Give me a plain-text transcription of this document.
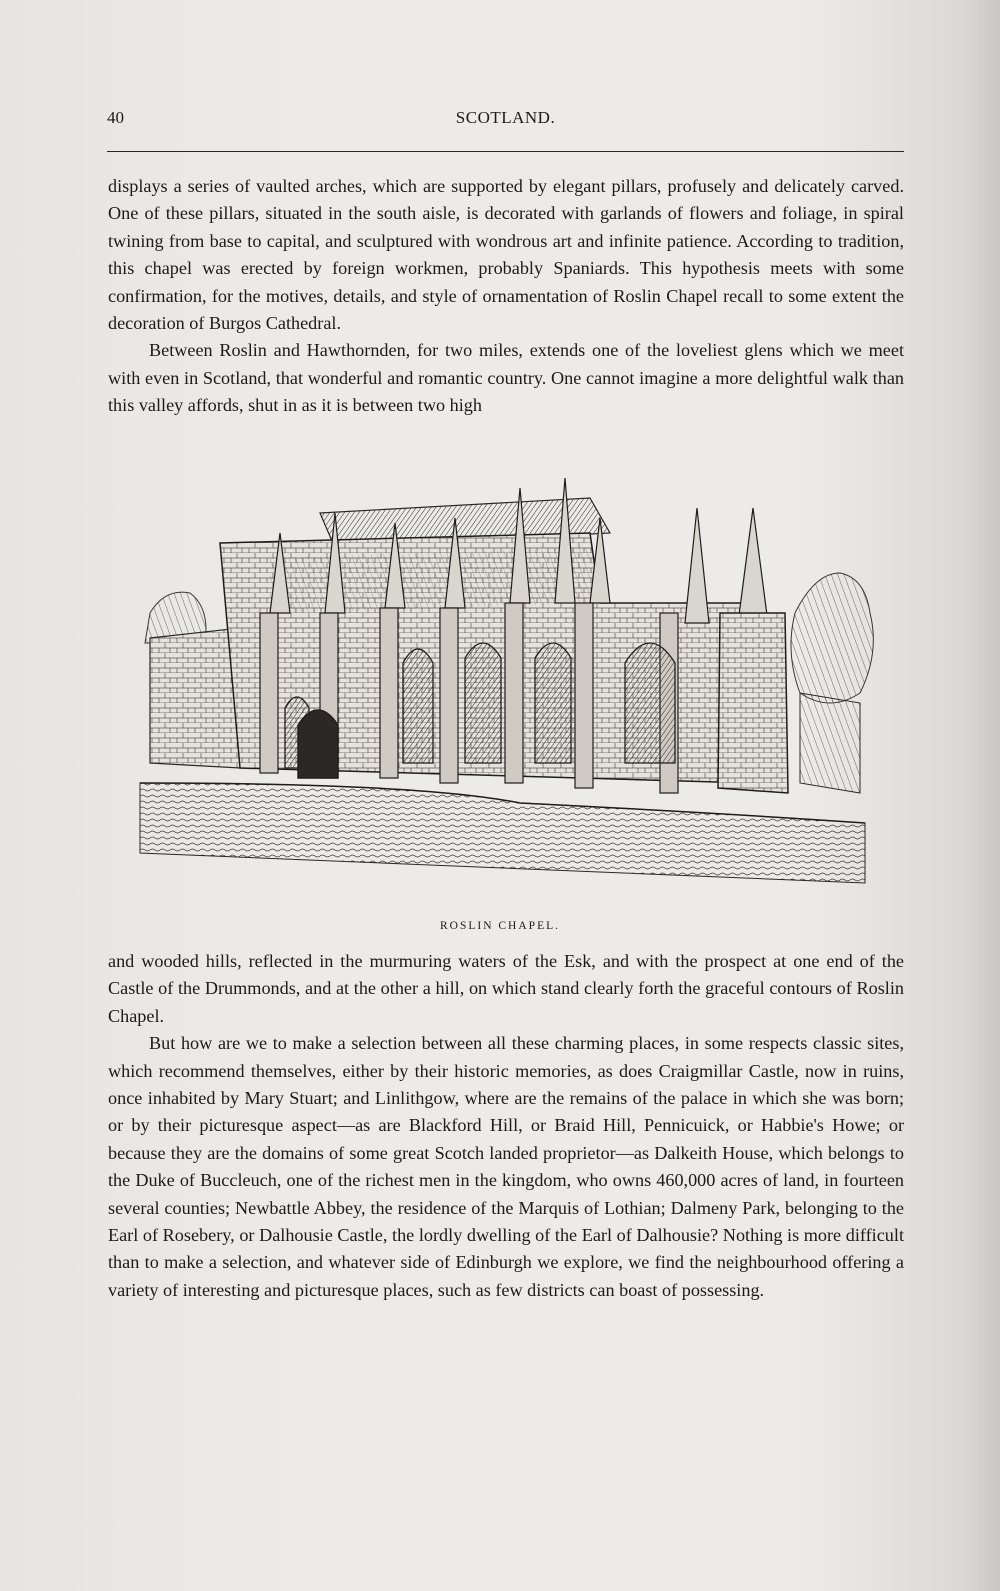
40	SCOTLAND.

displays a series of vaulted arches, which are supported by elegant pillars, profusely and delicately carved. One of these pillars, situated in the south aisle, is decorated with garlands of flowers and foliage, in spiral twining from base to capital, and sculptured with wondrous art and infinite patience. According to tradition, this chapel was erected by foreign workmen, probably Spaniards. This hypothesis meets with some confirmation, for the motives, details, and style of ornamentation of Roslin Chapel recall to some extent the decoration of Burgos Cathedral.

Between Roslin and Hawthornden, for two miles, extends one of the loveliest glens which we meet with even in Scotland, that wonderful and romantic country. One cannot imagine a more delightful walk than this valley affords, shut in as it is between two high

ROSLIN CHAPEL.

and wooded hills, reflected in the murmuring waters of the Esk, and with the prospect at one end of the Castle of the Drummonds, and at the other a hill, on which stand clearly forth the graceful contours of Roslin Chapel.

But how are we to make a selection between all these charming places, in some respects classic sites, which recommend themselves, either by their historic memories, as does Craigmillar Castle, now in ruins, once inhabited by Mary Stuart; and Linlithgow, where are the remains of the palace in which she was born; or by their picturesque aspect—as are Blackford Hill, or Braid Hill, Pennicuick, or Habbie's Howe; or because they are the domains of some great Scotch landed proprietor—as Dalkeith House, which belongs to the Duke of Buccleuch, one of the richest men in the kingdom, who owns 460,000 acres of land, in fourteen several counties; Newbattle Abbey, the residence of the Marquis of Lothian; Dalmeny Park, belonging to the Earl of Rosebery, or Dalhousie Castle, the lordly dwelling of the Earl of Dalhousie? Nothing is more difficult than to make a selection, and whatever side of Edinburgh we explore, we find the neighbourhood offering a variety of interesting and picturesque places, such as few districts can boast of possessing.
